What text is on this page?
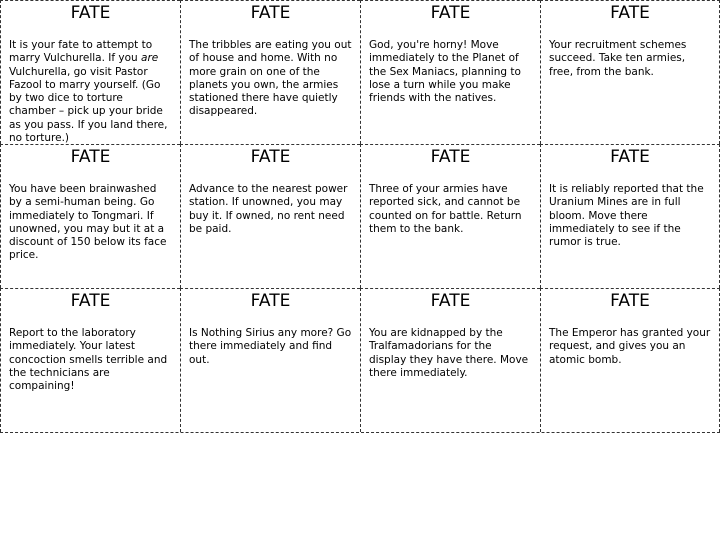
FATE
It is your fate to attempt to marry Vulchurella. If you are Vulchurella, go visit Pastor Fazool to marry yourself. (Go by two dice to torture chamber – pick up your bride as you pass. If you land there, no torture.)
FATE
The tribbles are eating you out of house and home. With no more grain on one of the planets you own, the armies stationed there have quietly disappeared.
FATE
God, you're horny! Move immediately to the Planet of the Sex Maniacs, planning to lose a turn while you make friends with the natives.
FATE
Your recruitment schemes succeed. Take ten armies, free, from the bank.
FATE
You have been brainwashed by a semi-human being. Go immediately to Tongmari. If unowned, you may but it at a discount of 150 below its face price.
FATE
Advance to the nearest power station. If unowned, you may buy it. If owned, no rent need be paid.
FATE
Three of your armies have reported sick, and cannot be counted on for battle. Return them to the bank.
FATE
It is reliably reported that the Uranium Mines are in full bloom. Move there immediately to see if the rumor is true.
FATE
Report to the laboratory immediately. Your latest concoction smells terrible and the technicians are compaining!
FATE
Is Nothing Sirius any more? Go there immediately and find out.
FATE
You are kidnapped by the Tralfamadorians for the display they have there. Move there immediately.
FATE
The Emperor has granted your request, and gives you an atomic bomb.
